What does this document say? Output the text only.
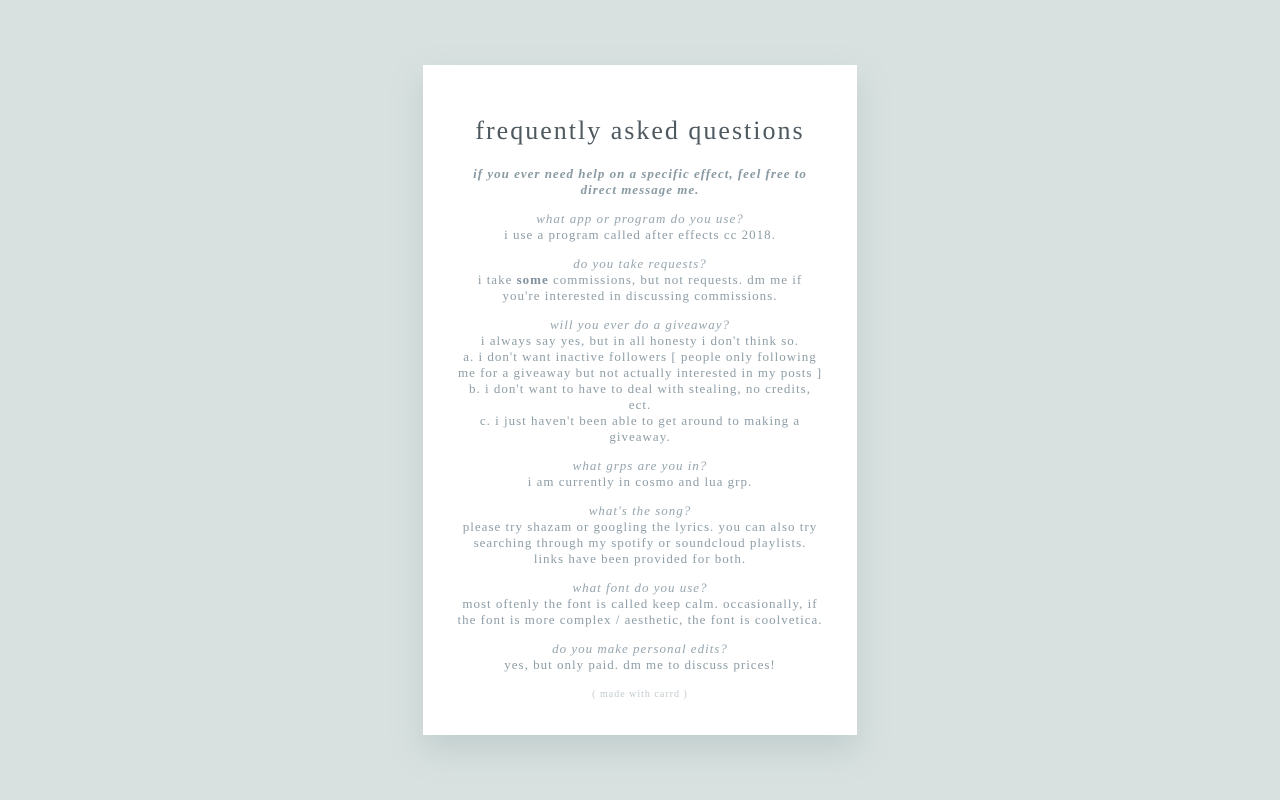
frequently asked questions
if you ever need help on a specific effect, feel free to direct message me.
what app or program do you use?
i use a program called after effects cc 2018.
do you take requests?
i take some commissions, but not requests. dm me if you're interested in discussing commissions.
will you ever do a giveaway?
i always say yes, but in all honesty i don't think so.
a. i don't want inactive followers [ people only following me for a giveaway but not actually interested in my posts ]
b. i don't want to have to deal with stealing, no credits, ect.
c. i just haven't been able to get around to making a giveaway.
what grps are you in?
i am currently in cosmo and lua grp.
what's the song?
please try shazam or googling the lyrics. you can also try searching through my spotify or soundcloud playlists. links have been provided for both.
what font do you use?
most oftenly the font is called keep calm. occasionally, if the font is more complex / aesthetic, the font is coolvetica.
do you make personal edits?
yes, but only paid. dm me to discuss prices!
( made with carrd )
